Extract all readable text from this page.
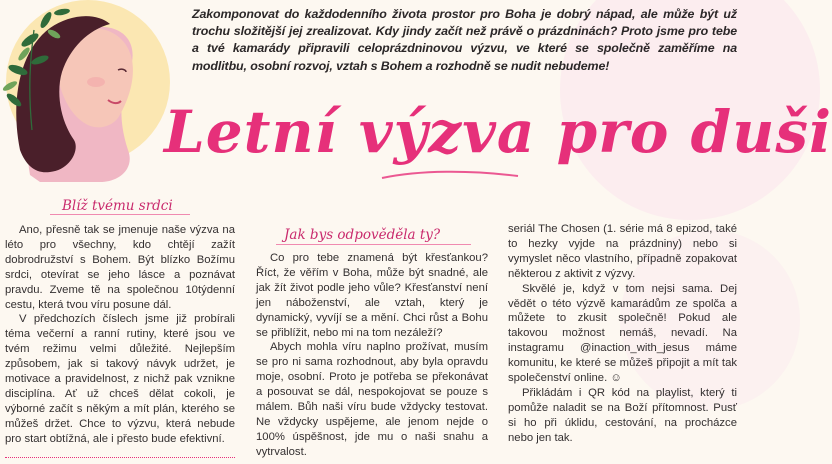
Zakomponovat do každodenního života prostor pro Boha je dobrý nápad, ale může být už trochu složitější jej zrealizovat. Kdy jindy začít než právě o prázdninách? Proto jsme pro tebe a tvé kamarády připravili celoprázdninovou výzvu, ve které se společně zaměříme na modlitbu, osobní rozvoj, vztah s Bohem a rozhodně se nudit nebudeme!
Letní výzva pro duši
Blíž tvému srdci

Ano, přesně tak se jmenuje naše výzva na léto pro všechny, kdo chtějí zažít dobrodružství s Bohem. Být blízko Božímu srdci, otevírat se jeho lásce a poznávat pravdu. Zveme tě na společnou 10týdenní cestu, která tvou víru posune dál.

V předchozích číslech jsme již probírali téma večerní a ranní rutiny, které jsou ve tvém režimu velmi důležité. Nejlepším způsobem, jak si takový návyk udržet, je motivace a pravidelnost, z nichž pak vznikne disciplína. Ať už chceš dělat cokoli, je výborné začít s někým a mít plán, kterého se můžeš držet. Chce to výzvu, která nebude pro start obtížná, ale i přesto bude efektivní.

Jak bys odpověděla ty?

Co pro tebe znamená být křesťankou? Říct, že věřím v Boha, může být snadné, ale jak žít život podle jeho vůle? Křesťanství není jen náboženství, ale vztah, který je dynamický, vyvíjí se a mění. Chci růst a Bohu se přiblížit, nebo mi na tom nezáleží?

Abych mohla víru naplno prožívat, musím se pro ni sama rozhodnout, aby byla opravdu moje, osobní. Proto je potřeba se překonávat a posouvat se dál, nespokojovat se pouze s málem. Bůh naši víru bude vždycky testovat. Ne vždycky uspějeme, ale jenom nejde o 100% úspěšnost, jde mu o naši snahu a vytrvalost.

seriál The Chosen (1. série má 8 epizod, také to hezky vyjde na prázdniny) nebo si vymyslet něco vlastního, případně zopakovat některou z aktivit z výzvy.

Skvělé je, když v tom nejsi sama. Dej vědět o této výzvě kamarádům ze spolča a můžete to zkusit společně! Pokud ale takovou možnost nemáš, nevadí. Na instagramu @inaction_with_jesus máme komunitu, ke které se můžeš připojit a mít tak společenství online. ☺

Přikládám i QR kód na playlist, který ti pomůže naladit se na Boží přítomnost. Pusť si ho při úklidu, cestování, na procházce nebo jen tak.
